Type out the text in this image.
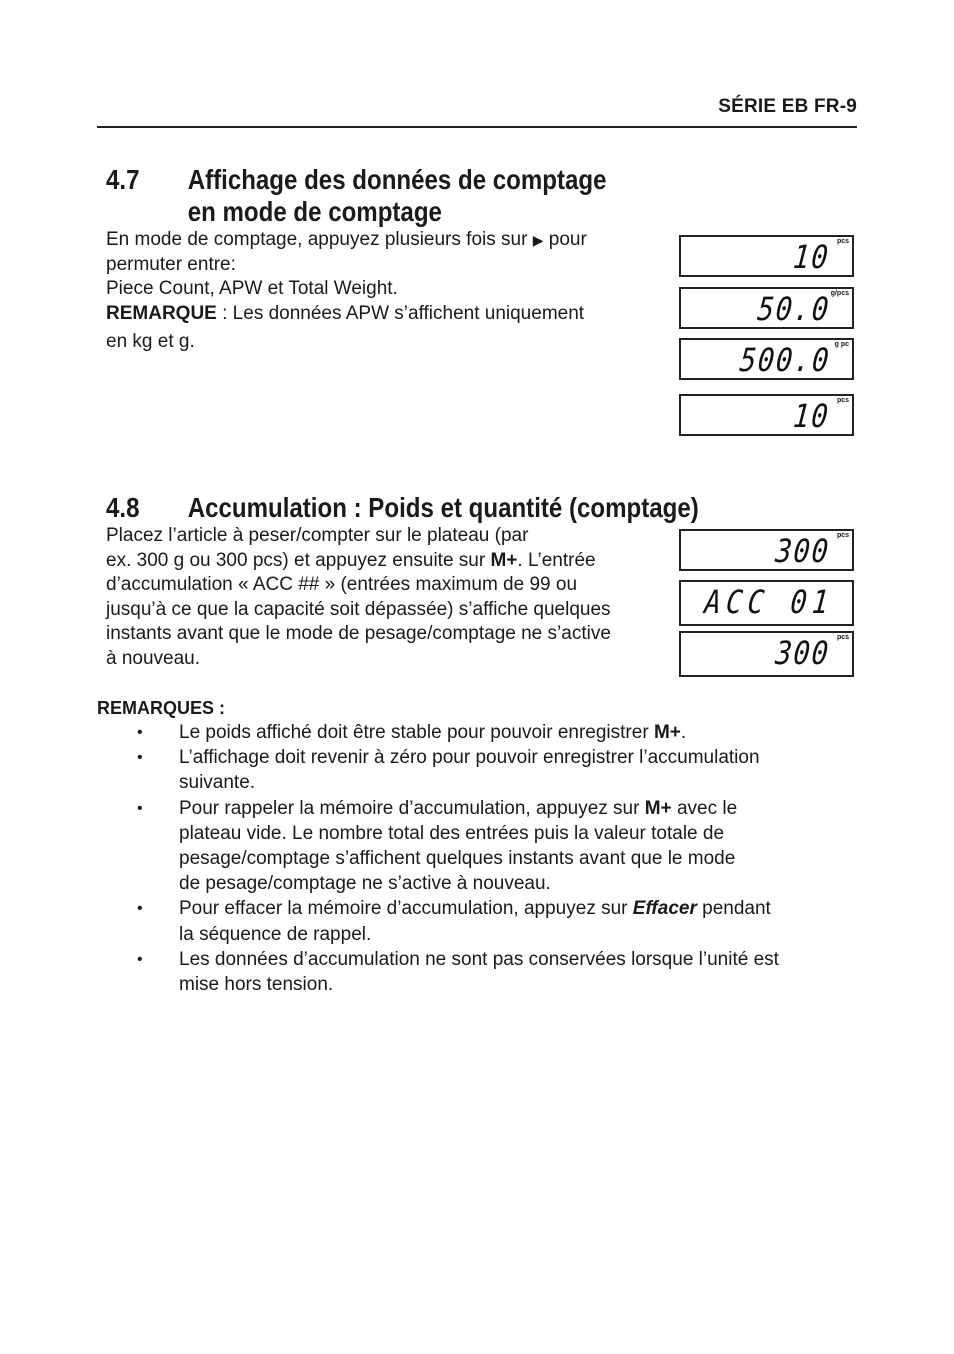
SÉRIE EB FR-9
4.7 Affichage des données de comptage
en mode de comptage
En mode de comptage, appuyez plusieurs fois sur ▶ pour
permuter entre:
Piece Count, APW et Total Weight.
REMARQUE : Les données APW s’affichent uniquement
en kg et g.
10 pcs
50.0 g/pcs
500.0 g pc
10 pcs
4.8 Accumulation : Poids et quantité (comptage)
Placez l’article à peser/compter sur le plateau (par
ex. 300 g ou 300 pcs) et appuyez ensuite sur M+. L’entrée
d’accumulation « ACC ## » (entrées maximum de 99 ou
jusqu’à ce que la capacité soit dépassée) s’affiche quelques
instants avant que le mode de pesage/comptage ne s’active
à nouveau.
300 pcs
ACC 01
300 pcs
REMARQUES :
• Le poids affiché doit être stable pour pouvoir enregistrer M+.
• L’affichage doit revenir à zéro pour pouvoir enregistrer l’accumulation
suivante.
• Pour rappeler la mémoire d’accumulation, appuyez sur M+ avec le
plateau vide. Le nombre total des entrées puis la valeur totale de
pesage/comptage s’affichent quelques instants avant que le mode
de pesage/comptage ne s’active à nouveau.
• Pour effacer la mémoire d’accumulation, appuyez sur Effacer pendant
la séquence de rappel.
• Les données d’accumulation ne sont pas conservées lorsque l’unité est
mise hors tension.
